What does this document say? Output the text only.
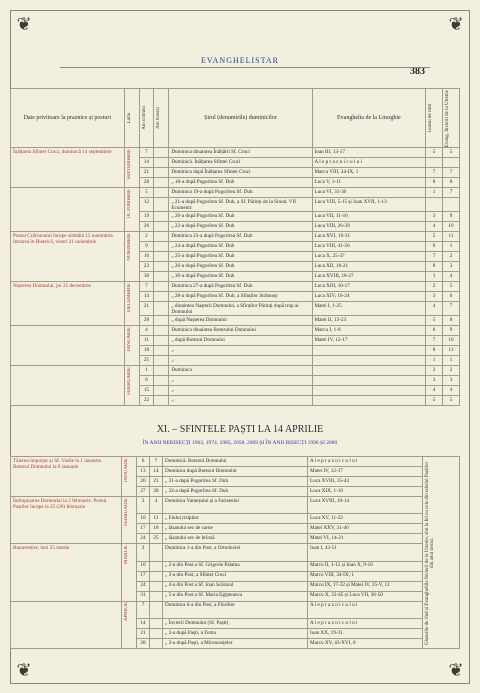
❦	❦
❦	❦
EVANGHELISTAR
383
Date privitoare la praznice și posturi	Luna	Ani comuni	Ani bisecți	Șirul (denumirile) duminicilor	Evanghelia de la Liturghie	Glasul de rînd	Evang. Învierii de la Utrenie

Înălțarea Sfintei Cruci, duminică 14 septembrie	SEPTEMBRIE	7		Duminica dinaintea Înălțării Sf. Cruci	Ioan III, 13-17	5	5
		14		Duminică. Înălțarea Sfintei Cruci	A l e p r a z n i c u l u i		
		21		Duminica după Înălțarea Sfintei Cruci	Marcu VIII, 34-IX, 1	7	7
		28		„ 18-a după Pogorîrea Sf. Duh	Luca V, 1-11	8	8

	OCTOMBRIE	5		Duminica 19-a după Pogorîrea Sf. Duh	Luca VI, 31-36	1	7
		12		„ 21-a după Pogorîrea Sf. Duh, a Sf. Părinți de la Sinod. VII Ecumenic	Luca VIII, 5-15 și Ioan XVII, 1-13		
		19		„ 20-a după Pogorîrea Sf. Duh	Luca VII, 11-16	3	9
		26		„ 22-a după Pogorîrea Sf. Duh	Luca VIII, 26-39	4	10
Postul Crăciunului începe simbătă 15 noiembrie. Intrarea în Biserică, vineri 21 noiembrie	NOIEMBRIE	2		Duminica 23-a după Pogorîrea Sf. Duh	Luca XVI, 19-31	5	11
		9		„ 24-a după Pogorîrea Sf. Duh	Luca VIII, 41-56	6	1
		16		„ 25-a după Pogorîrea Sf. Duh	Luca X, 25-37	7	2
		23		„ 26-a după Pogorîrea Sf. Duh	Luca XII, 16-21	8	3
		30		„ 30-a după Pogorîrea Sf. Duh	Luca XVIII, 18-27	1	4
Nașterea Domnului, joi 25 decembrie	DECEMBRIE	7		Duminica 27-a după Pogorîrea Sf. Duh	Luca XIII, 10-17	2	5
		14		„ 28-a după Pogorîrea Sf. Duh, a Sfinților Strămoși	Luca XIV, 16-24	3	6
		21		„ dinaintea Nașterii Domnului, a Sfinților Părinți după trup ai Domnului	Matei I, 1-25	4	7
		28		„ după Nașterea Domnului	Matei II, 13-23	5	8

	IANUARIE	4		Duminica dinaintea Botezului Domnului	Marcu I, 1-8	6	9
		11		„ după Botezul Domnului	Matei IV, 12-17	7	10
		18		„		8	11
		25		„		1	1

	FEBRUARIE	1		Duminica		2	2
		8		„		3	3
		15		„		4	4
		22		„		5	5
XI. – SFINTELE PAȘTI LA 14 APRILIE
ÎN ANII NEBISECȚI 1963, 1974, 1985, 2058, 2069 ȘI ÎN ANII BISECȚI 1996 ȘI 2080
Tăierea-împrejur și Sf. Vasile la 1 ianuarie. Botezul Domnului la 6 ianuarie	IANUARIE	6	7	Duminică. Botezul Domnului	A l e p r a z n i c u l u i	Glasurile de rînd și Evangheliile Învierii de la Utrenie, sînt la fel cu cele din tabelul Paștilor din anul trecut.

		13	14	Duminica după Botezul Domnului	Matei IV, 12-17	
		20	21	„ 31-a după Pogorîrea Sf. Duh	Luca XVIII, 35-43	
		27	28	„ 32-a după Pogorîrea Sf. Duh	Luca XIX, 1-10	
Întîmpinarea Domnului la 2 februarie. Postul Paștilor începe la 25 (26) februarie	FEBRUARIE	3	4	Duminica Vameșului și a Fariseului	Luca XVIII, 10-14	
		10	11	„ Fiului risipitor	Luca XV, 11-32	
		17	18	„ lăsatului sec de carne	Matei XXV, 31-46	
		24	25	„ lăsatului sec de brînză	Matei VI, 14-21	
Bunavestire, luni 25 martie	MARTIE	3		Duminica 1-a din Post, a Ortodoxiei	Ioan I, 43-51	
		10		„ 2-a din Post a Sf. Grigorie Palama	Marcu II, 1-12 și Ioan X, 9-16	
		17		„ 3-a din Post, a Sfintei Cruci	Marcu VIII, 34-IX, 1	
		24		„ 4-a din Post a Sf. Ioan Scărarul	Marcu IX, 17-32 și Matei IV, 25-V, 12	
		31		„ 5-a din Post a Sf. Maria Egipteanca	Marcu X, 32-45 și Luca VII, 36-50	

	APRILIE	7		Duminica 6-a din Post, a Floriilor	A l e p r a z n i c u l u i	
		14		„ Învierii Domnului (Sf. Paști)	A l e p r a z n i c u l u i	
		21		„ 2-a după Paști, a Toma	Ioan XX, 19-31	
		28		„ 3-a după Paști, a Mironosițelor	Marcu XV, 43-XVI, 8	
